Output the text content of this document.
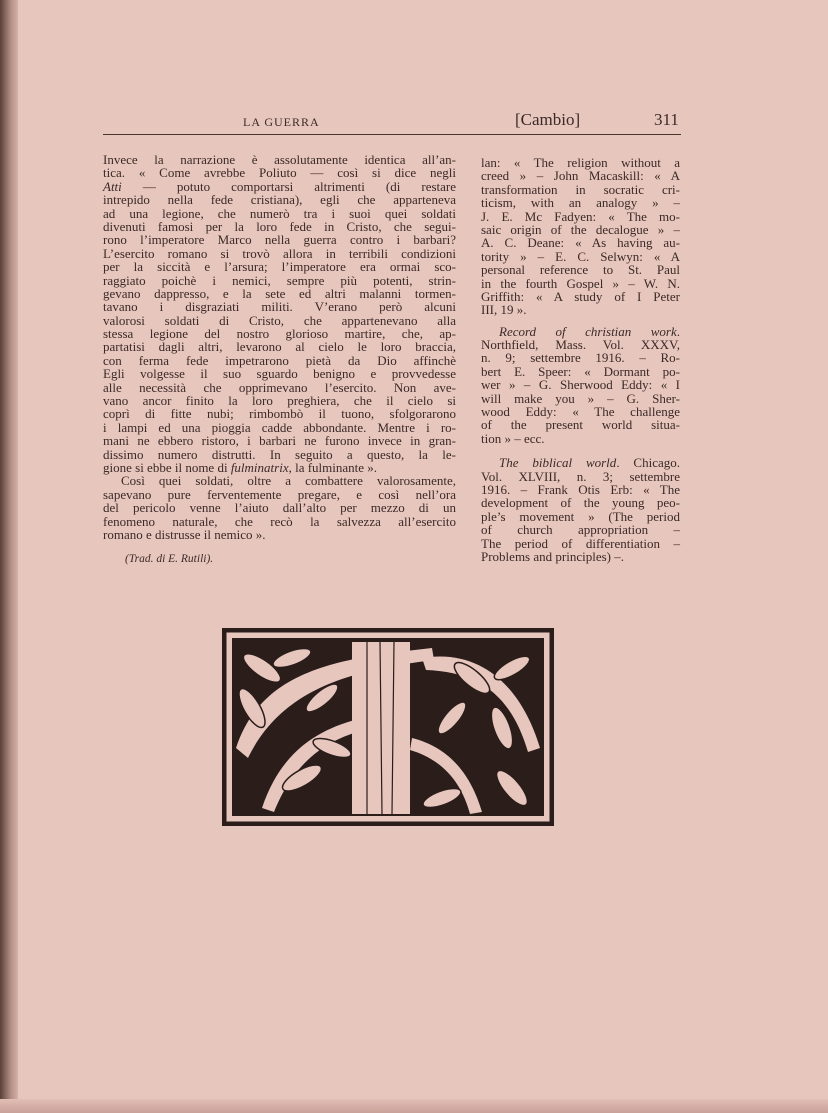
LA GUERRA	[Cambio]	311
Invece la narrazione è assolutamente identica all’an-
tica. « Come avrebbe Poliuto — così si dice negli
Atti — potuto comportarsi altrimenti (di restare
intrepido nella fede cristiana), egli che apparteneva
ad una legione, che numerò tra i suoi quei soldati
divenuti famosi per la loro fede in Cristo, che segui-
rono l’imperatore Marco nella guerra contro i barbari?
L’esercito romano si trovò allora in terribili condizioni
per la siccità e l’arsura; l’imperatore era ormai sco-
raggiato poichè i nemici, sempre più potenti, strin-
gevano dappresso, e la sete ed altri malanni tormen-
tavano i disgraziati militi. V’erano però alcuni
valorosi soldati di Cristo, che appartenevano alla
stessa legione del nostro glorioso martire, che, ap-
partatisi dagli altri, levarono al cielo le loro braccia,
con ferma fede impetrarono pietà da Dio affinchè
Egli volgesse il suo sguardo benigno e provvedesse
alle necessità che opprimevano l’esercito. Non ave-
vano ancor finito la loro preghiera, che il cielo si
coprì di fitte nubi; rimbombò il tuono, sfolgorarono
i lampi ed una pioggia cadde abbondante. Mentre i ro-
mani ne ebbero ristoro, i barbari ne furono invece in gran-
dissimo numero distrutti. In seguito a questo, la le-
gione si ebbe il nome di fulminatrix, la fulminante ».
Così quei soldati, oltre a combattere valorosamente,
sapevano pure ferventemente pregare, e così nell’ora
del pericolo venne l’aiuto dall’alto per mezzo di un
fenomeno naturale, che recò la salvezza all’esercito
romano e distrusse il nemico ».
(Trad. di E. Rutili).
lan: « The religion without a
creed » – John Macaskill: « A
transformation in socratic cri-
ticism, with an analogy » –
J. E. Mc Fadyen: « The mo-
saic origin of the decalogue » –
A. C. Deane: « As having au-
tority » – E. C. Selwyn: « A
personal reference to St. Paul
in the fourth Gospel » – W. N.
Griffith: « A study of I Peter
III, 19 ».
Record of christian work.
Northfield, Mass. Vol. XXXV,
n. 9; settembre 1916. – Ro-
bert E. Speer: « Dormant po-
wer » – G. Sherwood Eddy: « I
will make you » – G. Sher-
wood Eddy: « The challenge
of the present world situa-
tion » – ecc.
The biblical world. Chicago.
Vol. XLVIII, n. 3; settembre
1916. – Frank Otis Erb: « The
development of the young peo-
ple’s movement » (The period
of church appropriation –
The period of differentiation –
Problems and principles) –.
